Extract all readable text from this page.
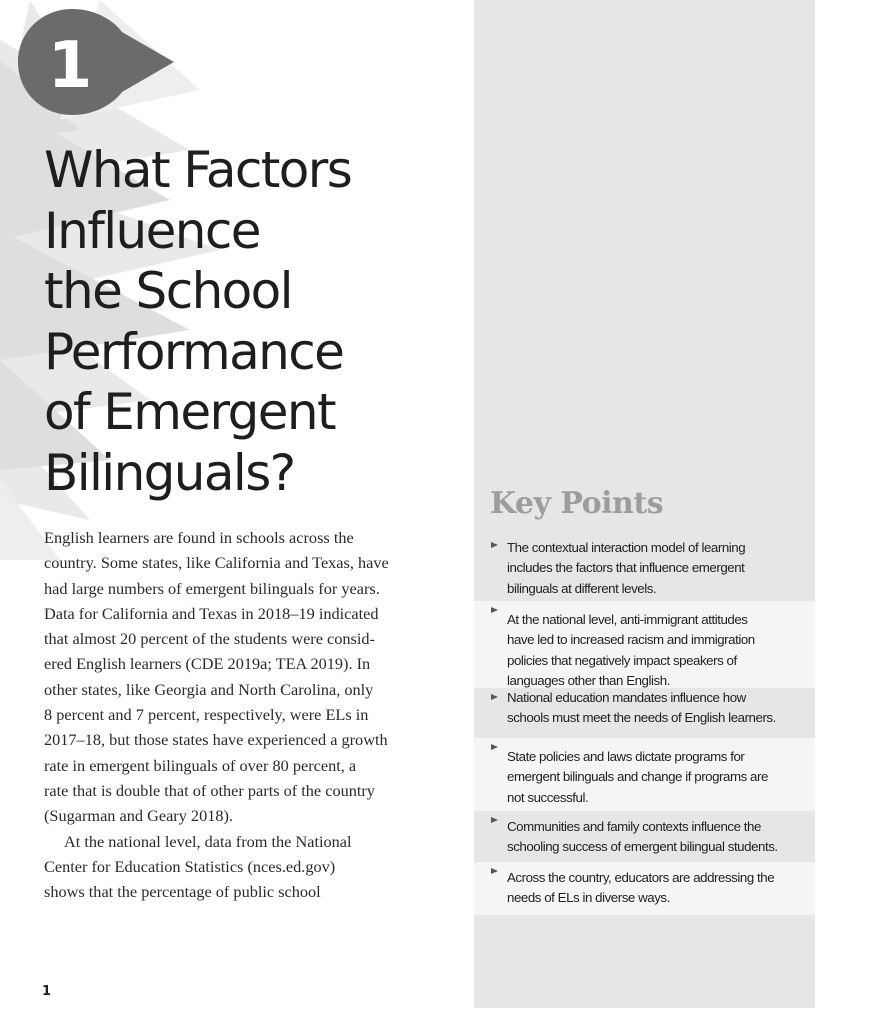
1
What Factors
Influence
the School
Performance
of Emergent
Bilinguals?
English learners are found in schools across the
country. Some states, like California and Texas, have
had large numbers of emergent bilinguals for years.
Data for California and Texas in 2018–19 indicated
that almost 20 percent of the students were consid-
ered English learners (CDE 2019a; TEA 2019). In
other states, like Georgia and North Carolina, only
8 percent and 7 percent, respectively, were ELs in
2017–18, but those states have experienced a growth
rate in emergent bilinguals of over 80 percent, a
rate that is double that of other parts of the country
(Sugarman and Geary 2018).
At the national level, data from the National
Center for Education Statistics (nces.ed.gov)
shows that the percentage of public school
1
Key Points
The contextual interaction model of learning
includes the factors that influence emergent
bilinguals at different levels.
At the national level, anti-immigrant attitudes
have led to increased racism and immigration
policies that negatively impact speakers of
languages other than English.
National education mandates influence how
schools must meet the needs of English learners.
State policies and laws dictate programs for
emergent bilinguals and change if programs are
not successful.
Communities and family contexts influence the
schooling success of emergent bilingual students.
Across the country, educators are addressing the
needs of ELs in diverse ways.
